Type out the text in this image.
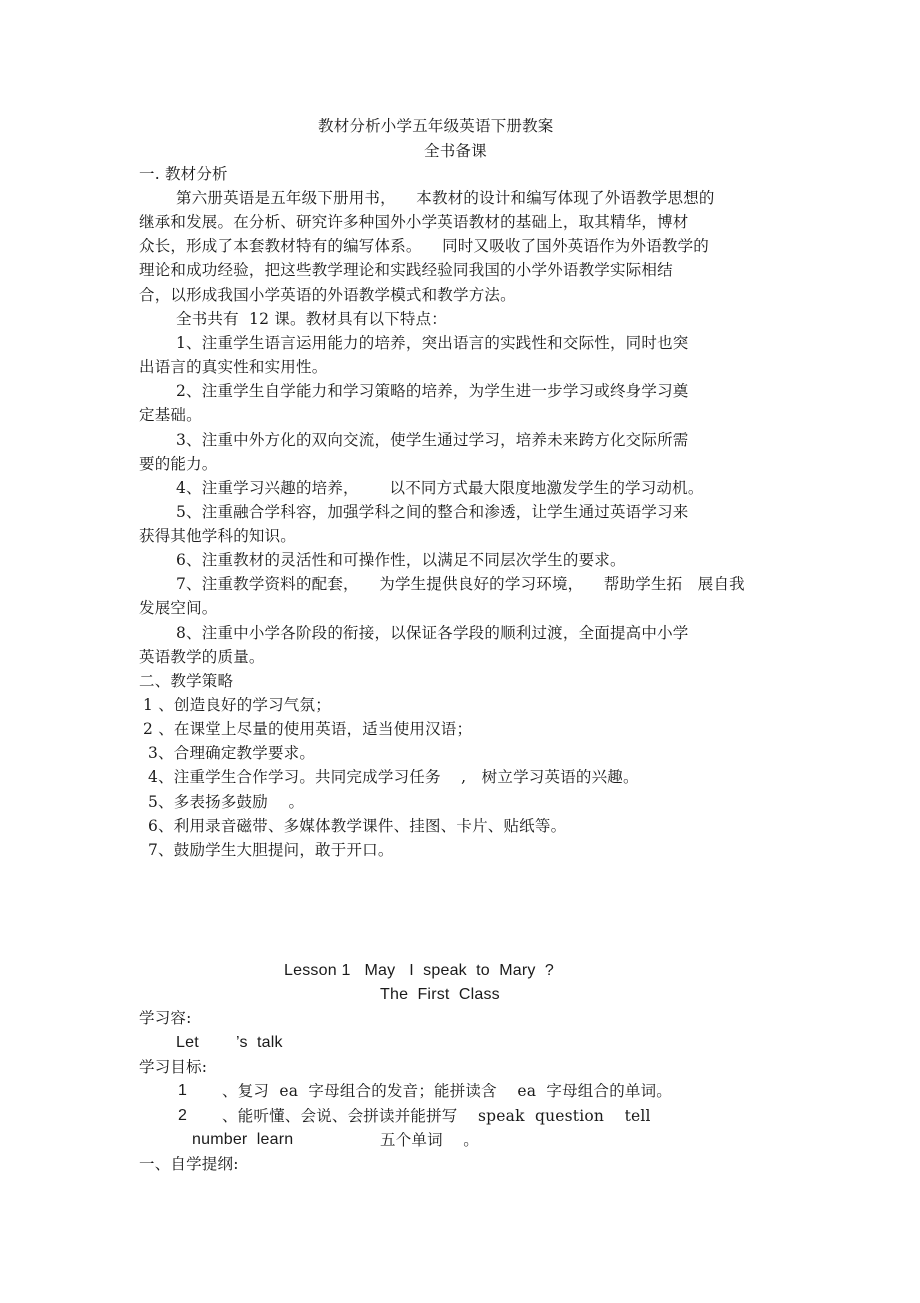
教材分析小学五年级英语下册教案
全书备课
一. 教材分析
第六册英语是五年级下册用书，    本教材的设计和编写体现了外语教学思想的
继承和发展。在分析、研究许多种国外小学英语教材的基础上，取其精华，博材
众长，形成了本套教材特有的编写体系。    同时又吸收了国外英语作为外语教学的
理论和成功经验，把这些教学理论和实践经验同我国的小学外语教学实际相结
合，以形成我国小学英语的外语教学模式和教学方法。
全书共有  12 课。教材具有以下特点：
1、注重学生语言运用能力的培养，突出语言的实践性和交际性，同时也突
出语言的真实性和实用性。
2、注重学生自学能力和学习策略的培养，为学生进一步学习或终身学习奠
定基础。
3、注重中外方化的双向交流，使学生通过学习，培养未来跨方化交际所需
要的能力。
4、注重学习兴趣的培养，      以不同方式最大限度地激发学生的学习动机。
5、注重融合学科容，加强学科之间的整合和渗透，让学生通过英语学习来
获得其他学科的知识。
6、注重教材的灵活性和可操作性，以满足不同层次学生的要求。
7、注重教学资料的配套，    为学生提供良好的学习环境，    帮助学生拓   展自我
发展空间。
8、注重中小学各阶段的衔接，以保证各学段的顺利过渡，全面提高中小学
英语教学的质量。
二、教学策略
1 、创造良好的学习气氛；
2 、在课堂上尽量的使用英语，适当使用汉语；
3、合理确定教学要求。
4、注重学生合作学习。共同完成学习任务    ,   树立学习英语的兴趣。
5、多表扬多鼓励    。
6、利用录音磁带、多媒体教学课件、挂图、卡片、贴纸等。
7、鼓励学生大胆提问，敢于开口。
Lesson 1   May   I  speak  to  Mary  ?
The  First  Class
学习容:
Let        ’s  talk
学习目标:
1 、复习  ea  字母组合的发音；能拼读含    ea  字母组合的单词。
2 、能听懂、会说、会拼读并能拼写    speak  question    tell
number  learn	五个单词    。
一、自学提纲:
